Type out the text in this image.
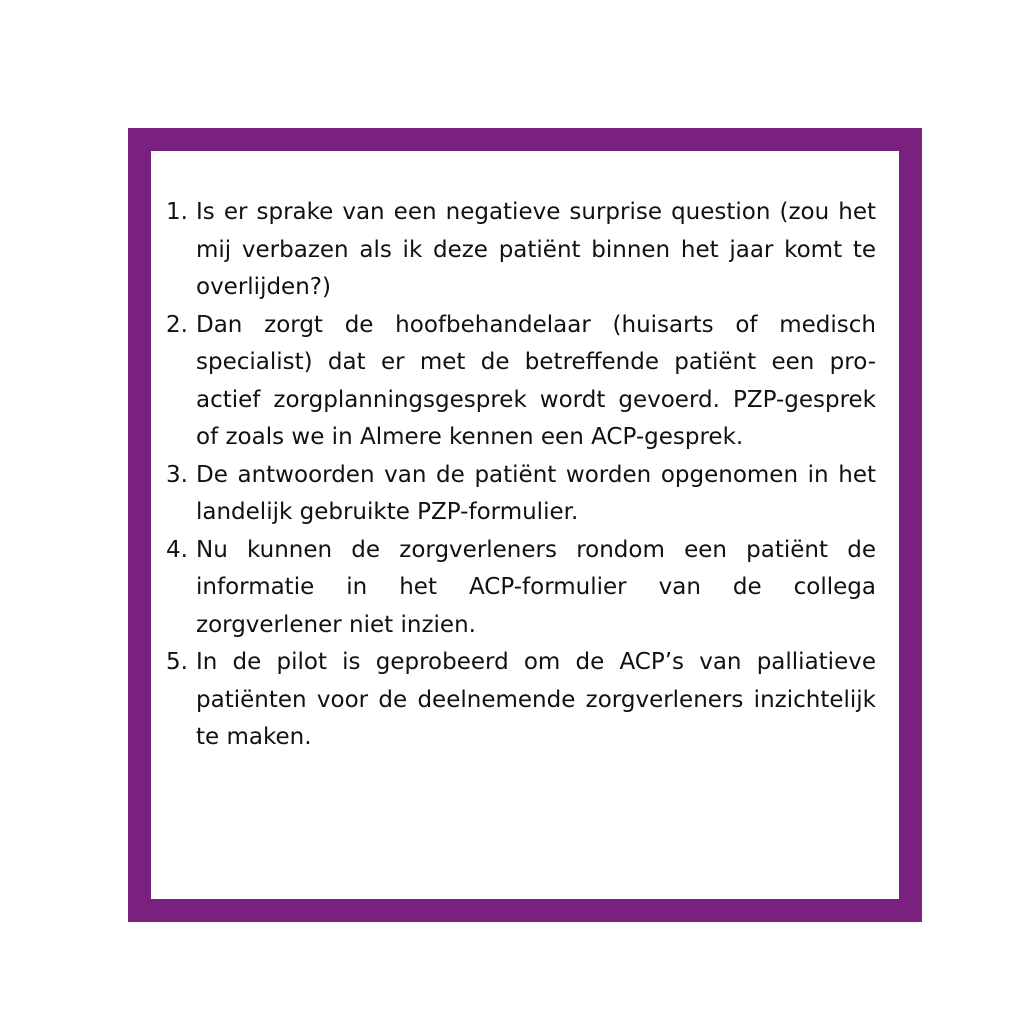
1. Is er sprake van een negatieve surprise question (zou het mij verbazen als ik deze patiënt binnen het jaar komt te overlijden?)
2. Dan zorgt de hoofbehandelaar (huisarts of medisch specialist) dat er met de betreffende patiënt een pro-actief zorgplanningsgesprek wordt gevoerd. PZP-gesprek of zoals we in Almere kennen een ACP-gesprek.
3. De antwoorden van de patiënt worden opgenomen in het landelijk gebruikte PZP-formulier.
4. Nu kunnen de zorgverleners rondom een patiënt de informatie in het ACP-formulier van de collega zorgverlener niet inzien.
5. In de pilot is geprobeerd om de ACP’s van palliatieve patiënten voor de deelnemende zorgverleners inzichtelijk te maken.
